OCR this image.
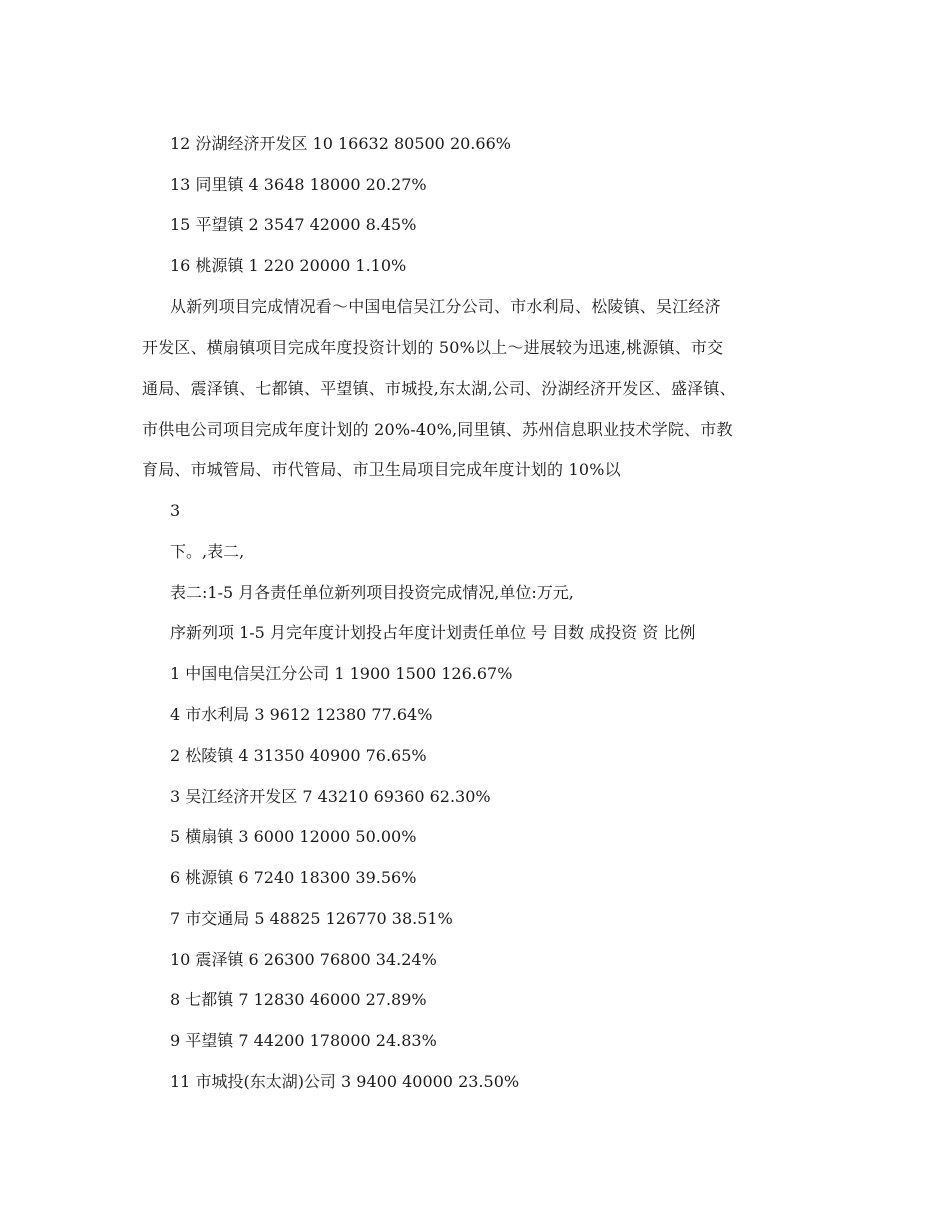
12 汾湖经济开发区 10 16632 80500 20.66%
13 同里镇 4 3648 18000 20.27%
15 平望镇 2 3547 42000 8.45%
16 桃源镇 1 220 20000 1.10%
从新列项目完成情况看～中国电信吴江分公司、市水利局、松陵镇、吴江经济
开发区、横扇镇项目完成年度投资计划的 50%以上～进展较为迅速,桃源镇、市交
通局、震泽镇、七都镇、平望镇、市城投,东太湖,公司、汾湖经济开发区、盛泽镇、
市供电公司项目完成年度计划的 20%-40%,同里镇、苏州信息职业技术学院、市教
育局、市城管局、市代管局、市卫生局项目完成年度计划的 10%以
3
下。,表二,
表二:1-5 月各责任单位新列项目投资完成情况,单位:万元,
序新列项 1-5 月完年度计划投占年度计划责任单位 号 目数 成投资 资 比例
1 中国电信吴江分公司 1 1900 1500 126.67%
4 市水利局 3 9612 12380 77.64%
2 松陵镇 4 31350 40900 76.65%
3 吴江经济开发区 7 43210 69360 62.30%
5 横扇镇 3 6000 12000 50.00%
6 桃源镇 6 7240 18300 39.56%
7 市交通局 5 48825 126770 38.51%
10 震泽镇 6 26300 76800 34.24%
8 七都镇 7 12830 46000 27.89%
9 平望镇 7 44200 178000 24.83%
11 市城投(东太湖)公司 3 9400 40000 23.50%
